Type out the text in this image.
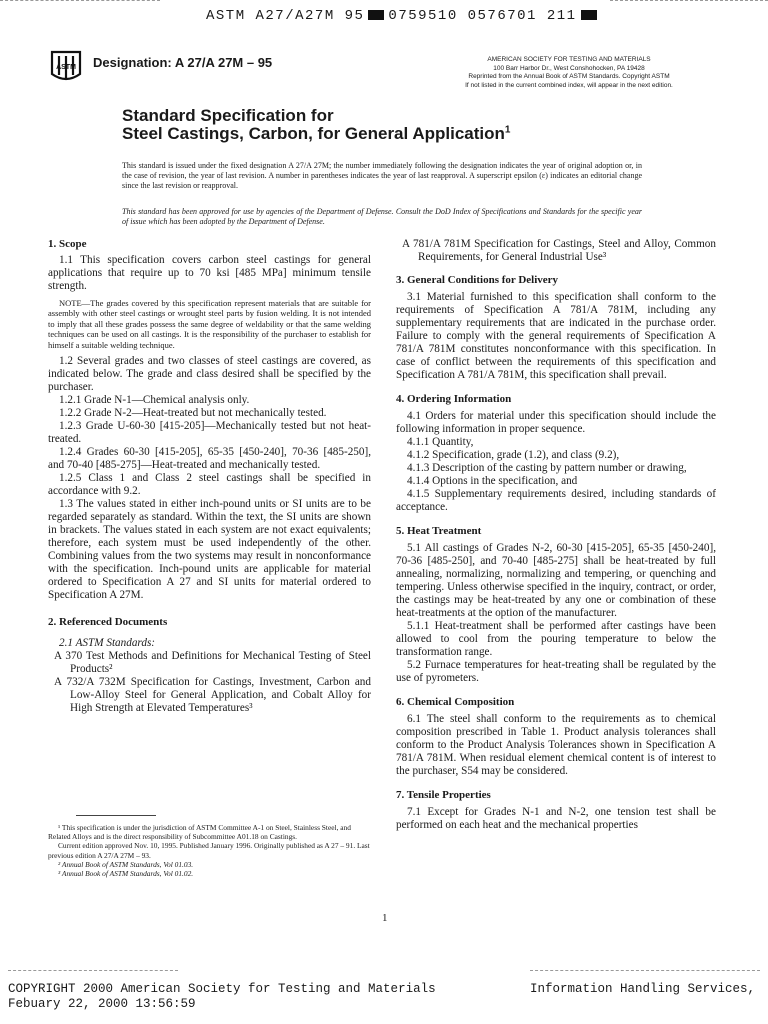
ASTM A27/A27M 95 0759510 0576701 211
ASTM Designation: A 27/A 27M – 95	AMERICAN SOCIETY FOR TESTING AND MATERIALS
100 Barr Harbor Dr., West Conshohocken, PA 19428
Reprinted from the Annual Book of ASTM Standards. Copyright ASTM
If not listed in the current combined index, will appear in the next edition.
Standard Specification for
Steel Castings, Carbon, for General Application$^1$

This standard is issued under the fixed designation A 27/A 27M; the number immediately following the designation indicates the year of original adoption or, in the case of revision, the year of last revision. A number in parentheses indicates the year of last reapproval. A superscript epsilon (ε) indicates an editorial change since the last revision or reapproval.

This standard has been approved for use by agencies of the Department of Defense. Consult the DoD Index of Specifications and Standards for the specific year of issue which has been adopted by the Department of Defense.

1. Scope

1.1 This specification covers carbon steel castings for general applications that require up to 70 ksi [485 MPa] minimum tensile strength.

NOTE—The grades covered by this specification represent materials that are suitable for assembly with other steel castings or wrought steel parts by fusion welding. It is not intended to imply that all these grades possess the same degree of weldability or that the same welding techniques can be used on all castings. It is the responsibility of the purchaser to establish for himself a suitable welding technique.

1.2 Several grades and two classes of steel castings are covered, as indicated below. The grade and class desired shall be specified by the purchaser.

1.2.1 Grade N-1—Chemical analysis only.

1.2.2 Grade N-2—Heat-treated but not mechanically tested.

1.2.3 Grade U-60-30 [415-205]—Mechanically tested but not heat-treated.

1.2.4 Grades 60-30 [415-205], 65-35 [450-240], 70-36 [485-250], and 70-40 [485-275]—Heat-treated and mechanically tested.

1.2.5 Class 1 and Class 2 steel castings shall be specified in accordance with 9.2.

1.3 The values stated in either inch-pound units or SI units are to be regarded separately as standard. Within the text, the SI units are shown in brackets. The values stated in each system are not exact equivalents; therefore, each system must be used independently of the other. Combining values from the two systems may result in nonconformance with the specification. Inch-pound units are applicable for material ordered to Specification A 27 and SI units for material ordered to Specification A 27M.

2. Referenced Documents

2.1 ASTM Standards:

A 370 Test Methods and Definitions for Mechanical Testing of Steel Products²

A 732/A 732M Specification for Castings, Investment, Carbon and Low-Alloy Steel for General Application, and Cobalt Alloy for High Strength at Elevated Temperatures³

A 781/A 781M Specification for Castings, Steel and Alloy, Common Requirements, for General Industrial Use³

3. General Conditions for Delivery

3.1 Material furnished to this specification shall conform to the requirements of Specification A 781/A 781M, including any supplementary requirements that are indicated in the purchase order. Failure to comply with the general requirements of Specification A 781/A 781M constitutes nonconformance with this specification. In case of conflict between the requirements of this specification and Specification A 781/A 781M, this specification shall prevail.

4. Ordering Information

4.1 Orders for material under this specification should include the following information in proper sequence.

4.1.1 Quantity,

4.1.2 Specification, grade (1.2), and class (9.2),

4.1.3 Description of the casting by pattern number or drawing,

4.1.4 Options in the specification, and

4.1.5 Supplementary requirements desired, including standards of acceptance.

5. Heat Treatment

5.1 All castings of Grades N-2, 60-30 [415-205], 65-35 [450-240], 70-36 [485-250], and 70-40 [485-275] shall be heat-treated by full annealing, normalizing, normalizing and tempering, or quenching and tempering. Unless otherwise specified in the inquiry, contract, or order, the castings may be heat-treated by any one or combination of these heat-treatments at the option of the manufacturer.

5.1.1 Heat-treatment shall be performed after castings have been allowed to cool from the pouring temperature to below the transformation range.

5.2 Furnace temperatures for heat-treating shall be regulated by the use of pyrometers.

6. Chemical Composition

6.1 The steel shall conform to the requirements as to chemical composition prescribed in Table 1. Product analysis tolerances shall conform to the Product Analysis Tolerances shown in Specification A 781/A 781M. When residual element chemical content is of interest to the purchaser, S54 may be considered.

7. Tensile Properties

7.1 Except for Grades N-1 and N-2, one tension test shall be performed on each heat and the mechanical properties

¹ This specification is under the jurisdiction of ASTM Committee A-1 on Steel, Stainless Steel, and Related Alloys and is the direct responsibility of Subcommittee A01.18 on Castings.

Current edition approved Nov. 10, 1995. Published January 1996. Originally published as A 27 – 91. Last previous edition A 27/A 27M – 93.

² Annual Book of ASTM Standards, Vol 01.03.

³ Annual Book of ASTM Standards, Vol 01.02.

1
COPYRIGHT 2000 American Society for Testing and Materials	Information Handling Services,
Febuary 22, 2000 13:56:59
